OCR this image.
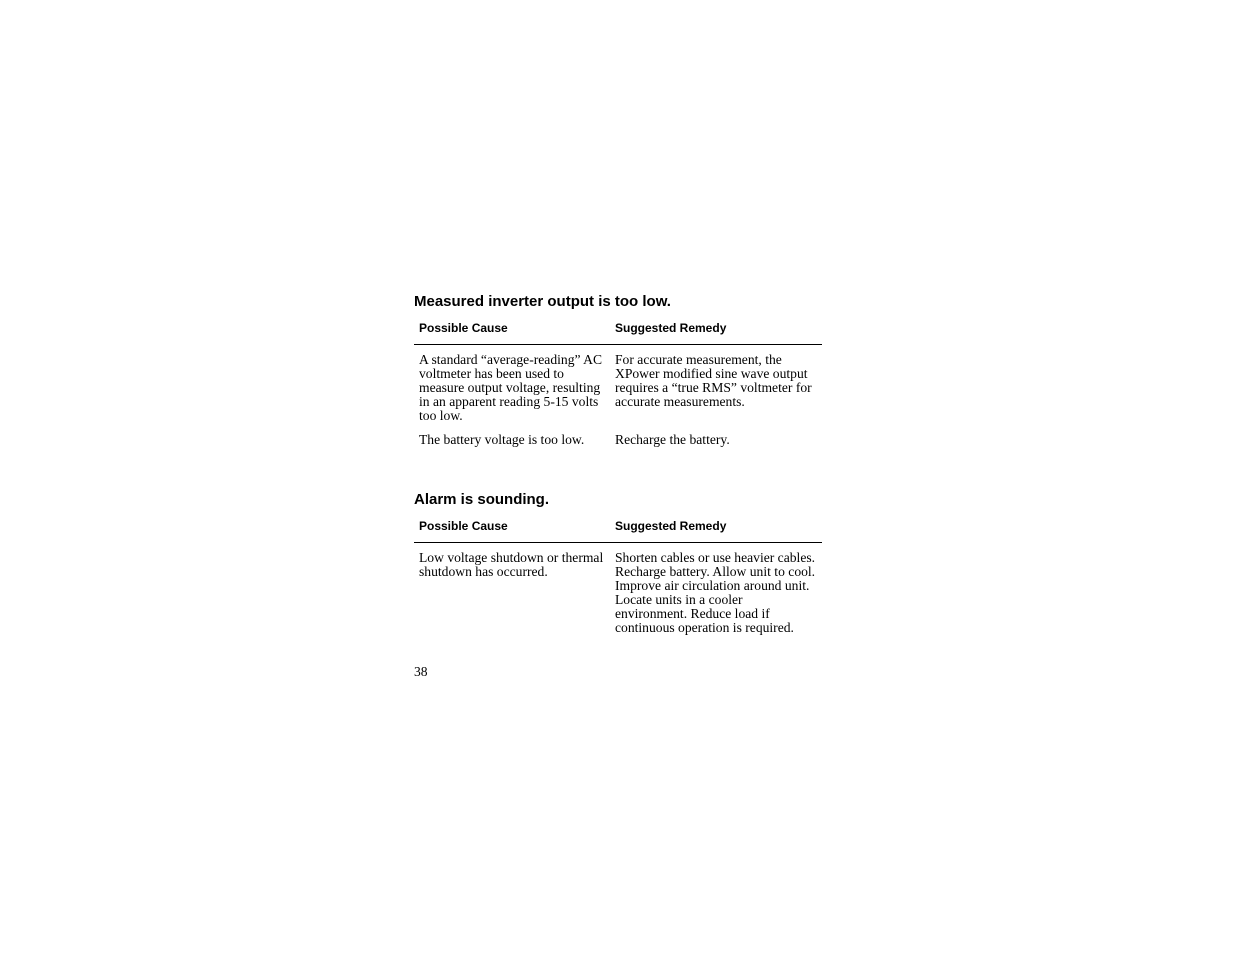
Measured inverter output is too low.
Possible Cause	Suggested Remedy
A standard “average-reading” AC voltmeter has been used to measure output voltage, resulting in an apparent reading 5-15 volts too low.	For accurate measurement, the XPower modified sine wave output requires a “true RMS” voltmeter for accurate measurements.
The battery voltage is too low.	Recharge the battery.
Alarm is sounding.
Possible Cause	Suggested Remedy
Low voltage shutdown or thermal shutdown has occurred.	Shorten cables or use heavier cables. Recharge battery. Allow unit to cool. Improve air circulation around unit. Locate units in a cooler environment. Reduce load if continuous operation is required.
38
